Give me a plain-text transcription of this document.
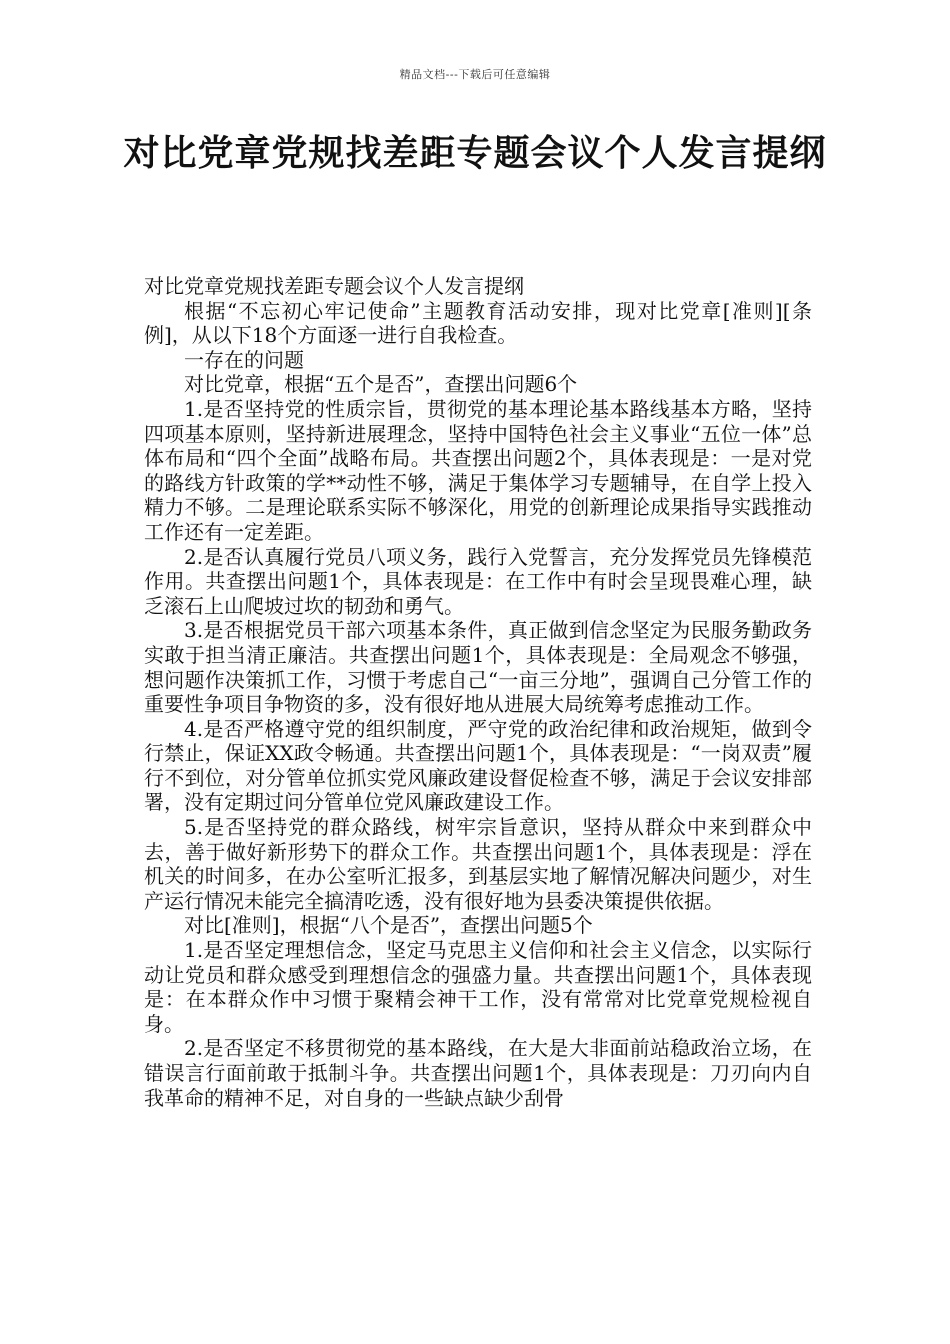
精品文档---下载后可任意编辑
对比党章党规找差距专题会议个人发言提纲

对比党章党规找差距专题会议个人发言提纲

根据“不忘初心牢记使命”主题教育活动安排，现对比党章[准则][条例]，从以下18个方面逐一进行自我检查。

一存在的问题

对比党章，根据“五个是否”，查摆出问题6个

1.是否坚持党的性质宗旨，贯彻党的基本理论基本路线基本方略，坚持四项基本原则，坚持新进展理念，坚持中国特色社会主义事业“五位一体”总体布局和“四个全面”战略布局。共查摆出问题2个，具体表现是：一是对党的路线方针政策的学**动性不够，满足于集体学习专题辅导，在自学上投入精力不够。二是理论联系实际不够深化，用党的创新理论成果指导实践推动工作还有一定差距。

2.是否认真履行党员八项义务，践行入党誓言，充分发挥党员先锋模范作用。共查摆出问题1个，具体表现是：在工作中有时会呈现畏难心理，缺乏滚石上山爬坡过坎的韧劲和勇气。

3.是否根据党员干部六项基本条件，真正做到信念坚定为民服务勤政务实敢于担当清正廉洁。共查摆出问题1个，具体表现是：全局观念不够强，想问题作决策抓工作，习惯于考虑自己“一亩三分地”，强调自己分管工作的重要性争项目争物资的多，没有很好地从进展大局统筹考虑推动工作。

4.是否严格遵守党的组织制度，严守党的政治纪律和政治规矩，做到令行禁止，保证XX政令畅通。共查摆出问题1个，具体表现是：“一岗双责”履行不到位，对分管单位抓实党风廉政建设督促检查不够，满足于会议安排部署，没有定期过问分管单位党风廉政建设工作。

5.是否坚持党的群众路线，树牢宗旨意识，坚持从群众中来到群众中去，善于做好新形势下的群众工作。共查摆出问题1个，具体表现是：浮在机关的时间多，在办公室听汇报多，到基层实地了解情况解决问题少，对生产运行情况未能完全搞清吃透，没有很好地为县委决策提供依据。

对比[准则]，根据“八个是否”，查摆出问题5个

1.是否坚定理想信念，坚定马克思主义信仰和社会主义信念，以实际行动让党员和群众感受到理想信念的强盛力量。共查摆出问题1个，具体表现是：在本群众作中习惯于聚精会神干工作，没有常常对比党章党规检视自身。

2.是否坚定不移贯彻党的基本路线，在大是大非面前站稳政治立场，在错误言行面前敢于抵制斗争。共查摆出问题1个，具体表现是：刀刃向内自我革命的精神不足，对自身的一些缺点缺少刮骨
